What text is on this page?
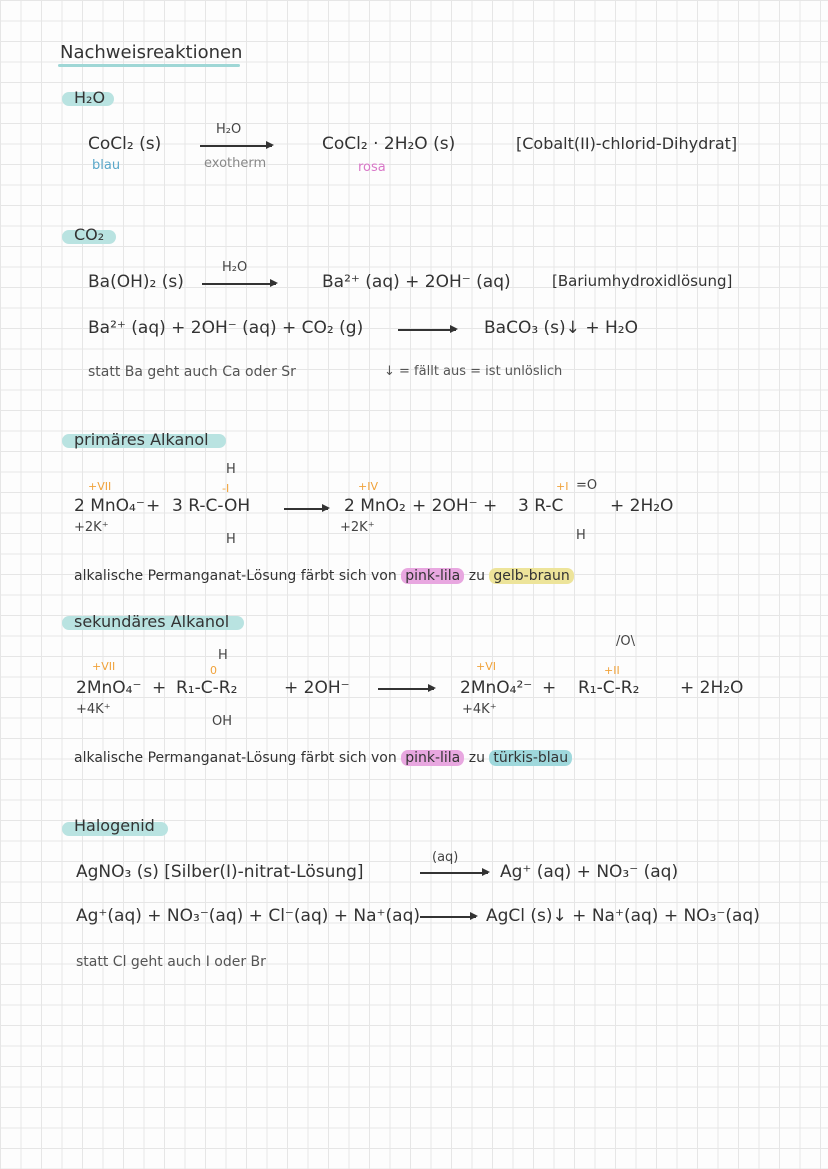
Nachweisreaktionen
H₂O
CoCl₂ (s)
blau
H₂O
exotherm
CoCl₂ · 2H₂O (s)
rosa
[Cobalt(II)-chlorid-Dihydrat]
CO₂
Ba(OH)₂ (s)
H₂O
Ba²⁺ (aq) + 2OH⁻ (aq)	[Bariumhydroxidlösung]
Ba²⁺ (aq) + 2OH⁻ (aq) + CO₂ (g)	BaCO₃ (s)↓ + H₂O
statt Ba geht auch Ca oder Sr	↓ = fällt aus = ist unlöslich
primäres Alkanol
+VII
2 MnO₄⁻
+2K⁺
+
H
-I
3 R-C-OH
H
+IV
2 MnO₂
+2K⁺
+ 2OH⁻ +
+I =O
3 R-C
H
+ 2H₂O
alkalische Permanganat-Lösung färbt sich von pink-lila zu gelb-braun
sekundäres Alkanol
+VII
2MnO₄⁻
+4K⁺
+
H
0
R₁-C-R₂
OH
+ 2OH⁻
+VI
2MnO₄²⁻
+4K⁺
+
/O\
+II
R₁-C-R₂ + 2H₂O
alkalische Permanganat-Lösung färbt sich von pink-lila zu türkis-blau
Halogenid
AgNO₃ (s) [Silber(I)-nitrat-Lösung]
(aq)
Ag⁺ (aq) + NO₃⁻ (aq)
Ag⁺(aq) + NO₃⁻(aq) + Cl⁻(aq) + Na⁺(aq) → AgCl (s)↓ + Na⁺(aq) + NO₃⁻(aq)
statt Cl geht auch I oder Br
